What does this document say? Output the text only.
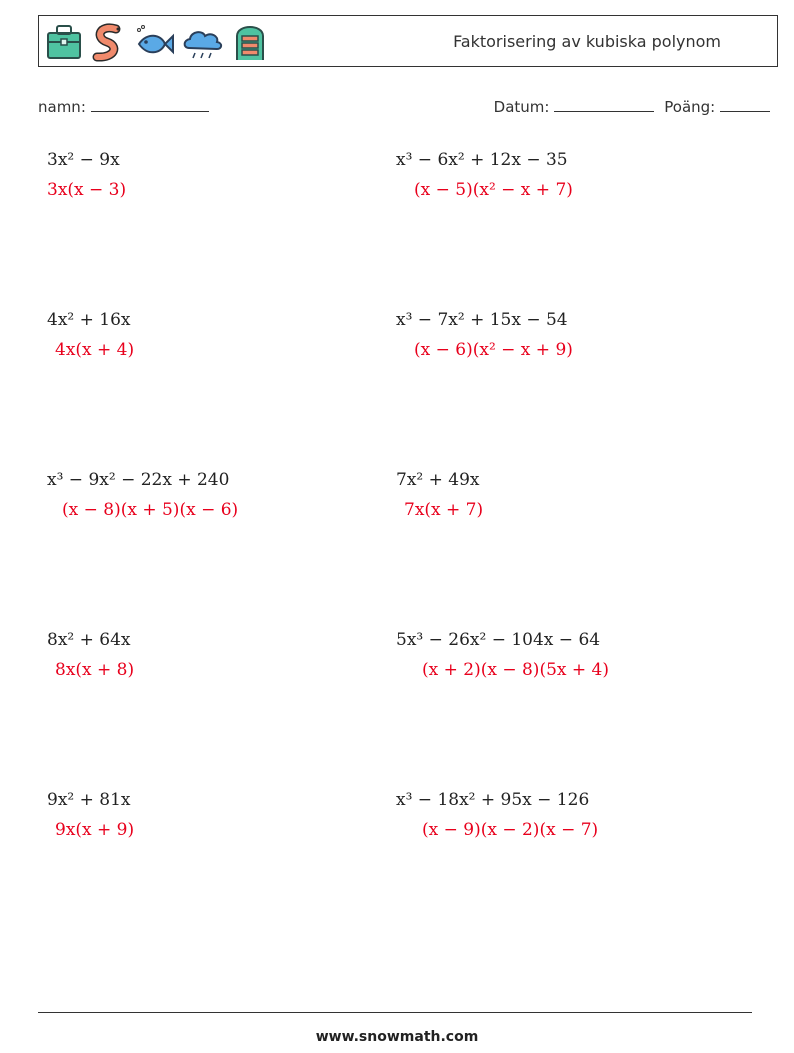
Faktorisering av kubiska polynom
namn:	Datum:	Poäng:
3x² − 9x
3x(x − 3)
4x² + 16x
4x(x + 4)
x³ − 9x² − 22x + 240
(x − 8)(x + 5)(x − 6)
8x² + 64x
8x(x + 8)
9x² + 81x
9x(x + 9)
x³ − 6x² + 12x − 35
(x − 5)(x² − x + 7)
x³ − 7x² + 15x − 54
(x − 6)(x² − x + 9)
7x² + 49x
7x(x + 7)
5x³ − 26x² − 104x − 64
(x + 2)(x − 8)(5x + 4)
x³ − 18x² + 95x − 126
(x − 9)(x − 2)(x − 7)
www.snowmath.com
